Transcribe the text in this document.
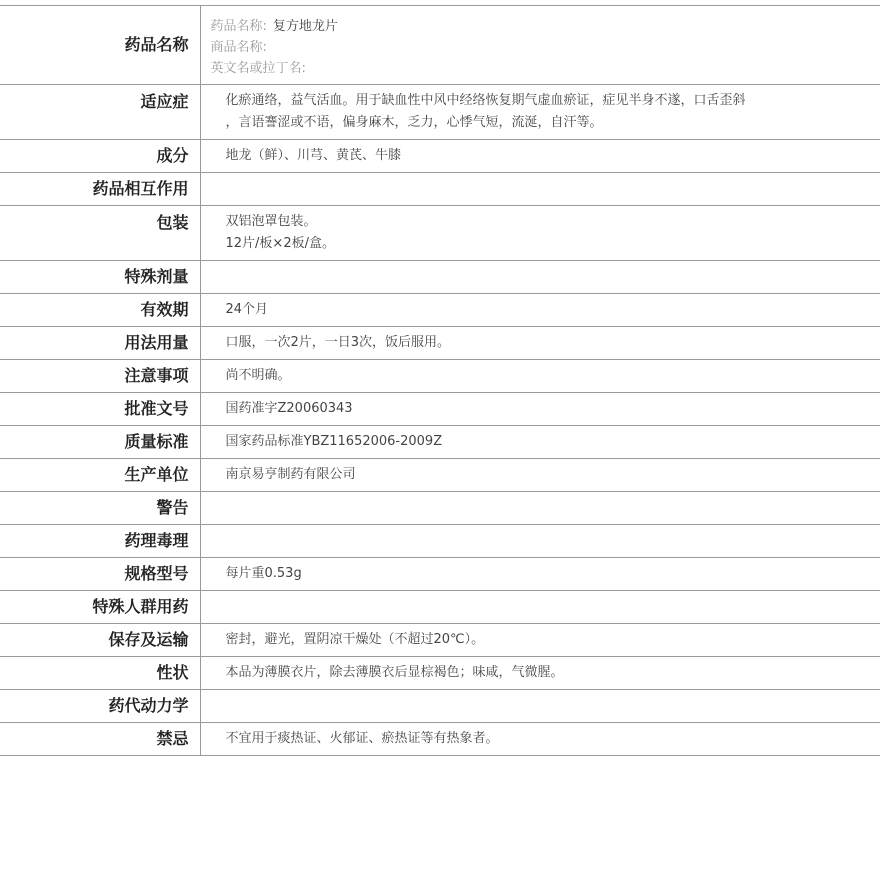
药品名称	药品名称: 复方地龙片
商品名称:
英文名或拉丁名:

适应症	化瘀通络，益气活血。用于缺血性中风中经络恢复期气虚血瘀证，症见半身不遂，口舌歪斜
，言语謇涩或不语，偏身麻木，乏力，心悸气短，流涎，自汗等。

成分	地龙（鲜）、川芎、黄芪、牛膝
药品相互作用	
包装	双铝泡罩包装。
12片/板×2板/盒。

特殊剂量	
有效期	24个月
用法用量	口服，一次2片，一日3次，饭后服用。
注意事项	尚不明确。
批准文号	国药准字Z20060343
质量标准	国家药品标准YBZ11652006-2009Z
生产单位	南京易亨制药有限公司
警告	
药理毒理	
规格型号	每片重0.53g
特殊人群用药	
保存及运输	密封，避光，置阴凉干燥处（不超过20℃）。
性状	本品为薄膜衣片，除去薄膜衣后显棕褐色；味咸，气微腥。
药代动力学	
禁忌	不宜用于痰热证、火郁证、瘀热证等有热象者。
